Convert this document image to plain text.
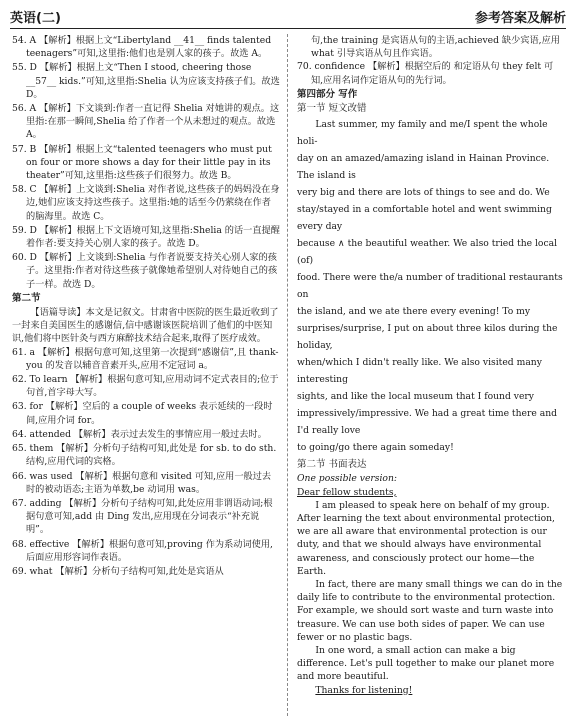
英语(二)	参考答案及解析

54. A 【解析】根据上文“Libertyland __41__ finds talented teenagers”可知,这里指:他们也是别人家的孩子。故选 A。

55. D 【解析】根据上文“Then I stood, cheering those __57__ kids.”可知,这里指:Shelia 认为应该支持孩子们。故选 D。

56. A 【解析】下文谈到:作者一直记得 Shelia 对她讲的观点。这里指:在那一瞬间,Shelia 给了作者一个从未想过的观点。故选 A。

57. B 【解析】根据上文“talented teenagers who must put on four or more shows a day for their little pay in its theater”可知,这里指:这些孩子们很努力。故选 B。

58. C 【解析】上文谈到:Shelia 对作者说,这些孩子的妈妈没在身边,她们应该支持这些孩子。这里指:她的话至今仍萦绕在作者的脑海里。故选 C。

59. D 【解析】根据上下文语境可知,这里指:Shelia 的话一直提醒着作者:要支持关心别人家的孩子。故选 D。

60. D 【解析】上文谈到:Shelia 与作者说要支持关心别人家的孩子。这里指:作者对待这些孩子就像她希望别人对待她自己的孩子一样。故选 D。

第二节

【语篇导读】本文是记叙文。甘肃省中医院的医生最近收到了一封来自美国医生的感谢信,信中感谢该医院培训了他们的中医知识,他们将中医针灸与西方麻醉技术结合起来,取得了医疗成效。

61. a 【解析】根据句意可知,这里第一次提到“感谢信”,且 thank-you 的发音以辅音音素开头,应用不定冠词 a。

62. To learn 【解析】根据句意可知,应用动词不定式表目的;位于句首,首字母大写。

63. for 【解析】空后的 a couple of weeks 表示延续的一段时间,应用介词 for。

64. attended 【解析】表示过去发生的事情应用一般过去时。

65. them 【解析】分析句子结构可知,此处是 for sb. to do sth. 结构,应用代词的宾格。

66. was used 【解析】根据句意和 visited 可知,应用一般过去时的被动语态;主语为单数,be 动词用 was。

67. adding 【解析】分析句子结构可知,此处应用非谓语动词;根据句意可知,add 由 Ding 发出,应用现在分词表示“补充说明”。

68. effective 【解析】根据句意可知,proving 作为系动词使用,后面应用形容词作表语。

69. what 【解析】分析句子结构可知,此处是宾语从

句,the training 是宾语从句的主语,achieved 缺少宾语,应用 what 引导宾语从句且作宾语。

70. confidence 【解析】根据空后的 和定语从句 they felt 可知,应用名词作定语从句的先行词。

第四部分 写作
第一节 短文改错

Last summer, my family and me/I spent the whole holi-

day on an amazed/amazing island in Hainan Province. The island is

very big and there are lots of things to see and do. We

stay/stayed in a comfortable hotel and went swimming every day

because ∧ the beautiful weather. We also tried the local (of)

food. There were the/a number of traditional restaurants on

the island, and we ate there every evening! To my

surprises/surprise, I put on about three kilos during the holiday,

when/which I didn't really like. We also visited many interesting

sights, and like the local museum that I found very

impressively/impressive. We had a great time there and I'd really love

to going/go there again someday!

第二节 书面表达

One possible version:

Dear fellow students,

I am pleased to speak here on behalf of my group. After learning the text about environmental protection, we are all aware that environmental protection is our duty, and that we should always have environmental awareness, and consciously protect our home—the Earth.

In fact, there are many small things we can do in the daily life to contribute to the environmental protection. For example, we should sort waste and turn waste into treasure. We can use both sides of paper. We can use fewer or no plastic bags.

In one word, a small action can make a big difference. Let's pull together to make our planet more and more beautiful.

Thanks for listening!
